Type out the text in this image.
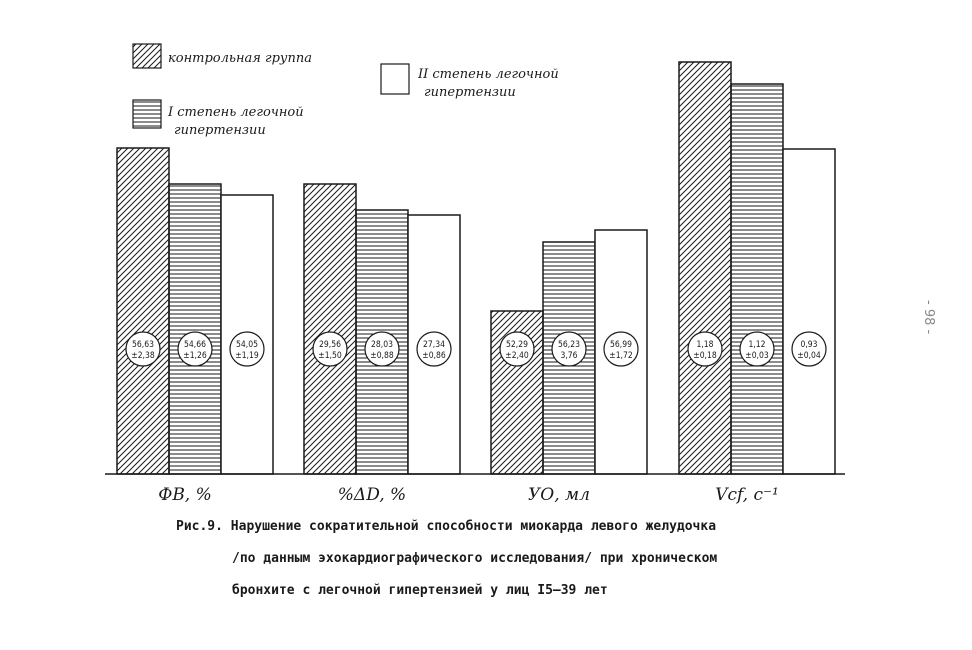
контрольная группа
I степень легочной
гипертензии
II степень легочной
гипертензии
56,63
±2,38
54,66
±1,26
54,05
±1,19
29,56
±1,50
28,03
±0,88
27,34
±0,86
52,29
±2,40
56,23
3,76
56,99
±1,72
1,18
±0,18
1,12
±0,03
0,93
±0,04
ФВ, %	%ΔD, %	УО, мл	Vcf, c⁻¹
Рис.9. Нарушение сократительной способности миокарда левого желудочка
/по данным эхокардиографического исследования/ при хроническом
бронхите с легочной гипертензией у лиц I5–39 лет
- 98 -
